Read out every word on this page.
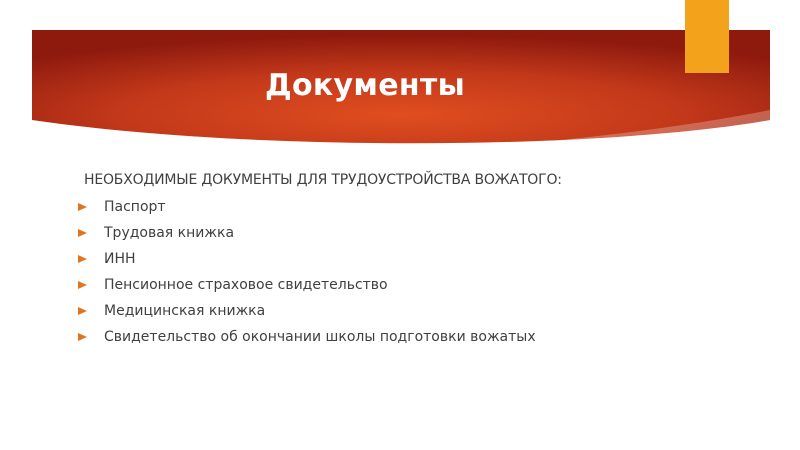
Документы
НЕОБХОДИМЫЕ ДОКУМЕНТЫ ДЛЯ ТРУДОУСТРОЙСТВА ВОЖАТОГО:
Паспорт
Трудовая книжка
ИНН
Пенсионное страховое свидетельство
Медицинская книжка
Свидетельство об окончании школы подготовки вожатых
